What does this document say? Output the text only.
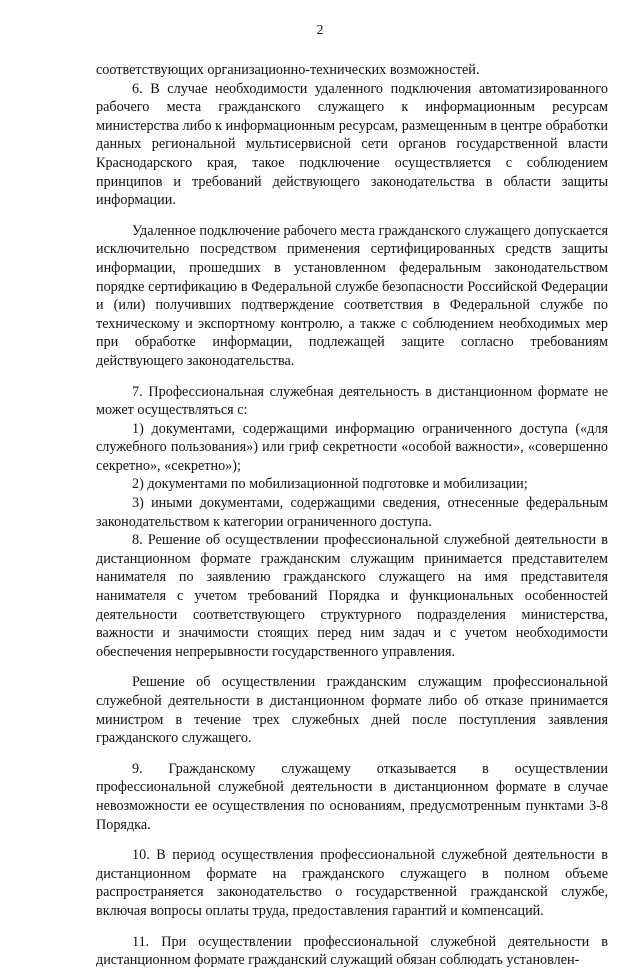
2

соответствующих организационно-технических возможностей.

6. В случае необходимости удаленного подключения автоматизированного рабочего места гражданского служащего к информационным ресурсам министерства либо к информационным ресурсам, размещенным в центре обработки данных региональной мультисервисной сети органов государственной власти Краснодарского края, такое подключение осуществляется с соблюдением принципов и требований действующего законодательства в области защиты информации.

Удаленное подключение рабочего места гражданского служащего допускается исключительно посредством применения сертифицированных средств защиты информации, прошедших в установленном федеральным законодательством порядке сертификацию в Федеральной службе безопасности Российской Федерации и (или) получивших подтверждение соответствия в Федеральной службе по техническому и экспортному контролю, а также с соблюдением необходимых мер при обработке информации, подлежащей защите согласно требованиям действующего законодательства.

7. Профессиональная служебная деятельность в дистанционном формате не может осуществляться с:

1) документами, содержащими информацию ограниченного доступа («для служебного пользования») или гриф секретности «особой важности», «совершенно секретно», «секретно»);

2) документами по мобилизационной подготовке и мобилизации;

3) иными документами, содержащими сведения, отнесенные федеральным законодательством к категории ограниченного доступа.

8. Решение об осуществлении профессиональной служебной деятельности в дистанционном формате гражданским служащим принимается представителем нанимателя по заявлению гражданского служащего на имя представителя нанимателя с учетом требований Порядка и функциональных особенностей деятельности соответствующего структурного подразделения министерства, важности и значимости стоящих перед ним задач и с учетом необходимости обеспечения непрерывности государственного управления.

Решение об осуществлении гражданским служащим профессиональной служебной деятельности в дистанционном формате либо об отказе принимается министром в течение трех служебных дней после поступления заявления гражданского служащего.

9. Гражданскому служащему отказывается в осуществлении профессиональной служебной деятельности в дистанционном формате в случае невозможности ее осуществления по основаниям, предусмотренным пунктами 3-8 Порядка.

10. В период осуществления профессиональной служебной деятельности в дистанционном формате на гражданского служащего в полном объеме распространяется законодательство о государственной гражданской службе, включая вопросы оплаты труда, предоставления гарантий и компенсаций.

11. При осуществлении профессиональной служебной деятельности в дистанционном формате гражданский служащий обязан соблюдать установлен-
